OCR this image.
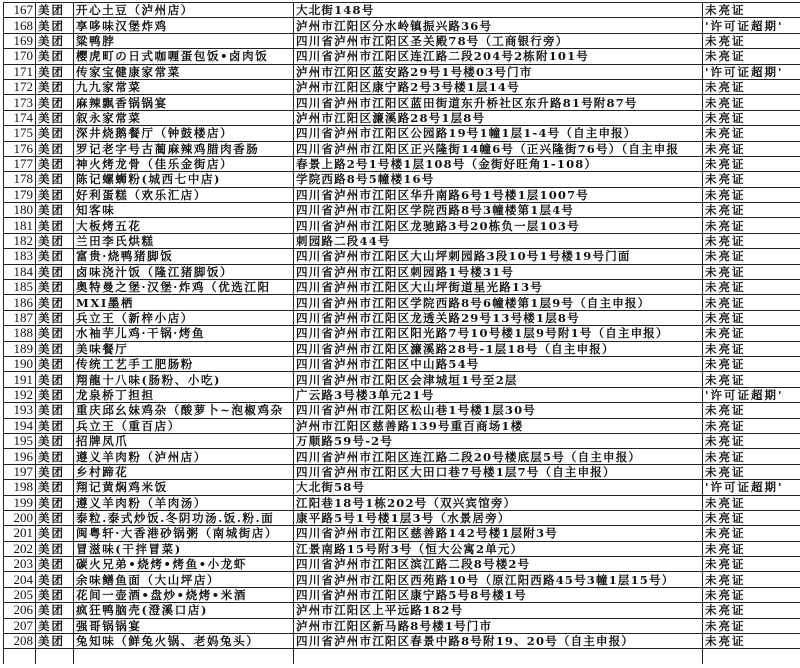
167	美团	开心土豆（泸州店）	大北街148号	未亮证
168	美团	享哆味汉堡炸鸡	泸州市江阳区分水岭镇振兴路36号	'许可证超期'
169	美团	粱鸭脖	四川省泸州市江阳区圣关殿78号（工商银行旁）	未亮证
170	美团	樱虎町の日式咖喱蛋包饭•卤肉饭	四川省泸州市江阳区连江路二段204号2栋附101号	未亮证
171	美团	传家宝健康家常菜	泸州市江阳区蓝安路29号1号楼03号门市	'许可证超期'
172	美团	九九家常菜	泸州市江阳区康宁路2号3号楼1层14号	未亮证
173	美团	麻辣飘香锅锅宴	四川省泸州市江阳区蓝田街道东升桥社区东升路81号附87号	未亮证
174	美团	叙永家常菜	泸州市江阳区濂溪路28号1层8号	未亮证
175	美团	深井烧鹅餐厅（钟鼓楼店）	四川省泸州市江阳区公园路19号1幢1层1-4号（自主申报）	未亮证
176	美团	罗记老字号古蔺麻辣鸡腊肉香肠	四川省泸州市江阳区正兴隆街14幢6号（正兴隆街76号）（自主申报	未亮证
177	美团	神火烤龙骨（佳乐金街店）	春景上路2号1号楼1层108号（金街好旺角1-108）	未亮证
178	美团	陈记螺蛳粉(城西七中店)	学院西路8号5幢楼16号	未亮证
179	美团	好利蛋糕（欢乐汇店）	四川省泸州市江阳区华升南路6号1号楼1层1007号	未亮证
180	美团	知客味	四川省泸州市江阳区学院西路8号3幢楼第1层4号	未亮证
181	美团	大板烤五花	四川省泸州市江阳区龙驰路3号20栋负一层103号	未亮证
182	美团	兰田李氏烘糕	刺园路二段44号	未亮证
183	美团	富贵·烧鸭猪脚饭	四川省泸州市江阳区大山坪刺园路3段10号1号楼19号门面	未亮证
184	美团	卤味浇汁饭（隆江猪脚饭）	四川省泸州市江阳区刺园路1号楼31号	未亮证
185	美团	奥特曼之堡·汉堡·炸鸡（优选江阳	四川省泸州市江阳区大山坪街道星光路13号	未亮证
186	美团	MXI墨栖	四川省泸州市江阳区学院西路8号6幢楼第1层9号（自主申报）	未亮证
187	美团	兵立王（新梓小店）	四川省泸州市江阳区龙透关路29号13号楼1层8号	未亮证
188	美团	水袖芋儿鸡·干锅·烤鱼	四川省泸州市江阳区阳光路7号10号楼1层9号附1号（自主申报）	未亮证
189	美团	美味餐厅	四川省泸州市江阳区濂溪路28号-1层18号（自主申报）	未亮证
190	美团	传统工艺手工肥肠粉	四川省泸州市江阳区中山路54号	未亮证
191	美团	翔龍十八味(肠粉、小吃)	四川省泸州市江阳区会津城垣1号至2层	未亮证
192	美团	龙泉桥丁担担	广云路3号楼3单元21号	'许可证超期'
193	美团	重庆邱幺妹鸡杂（酸萝卜~泡椒鸡杂	四川省泸州市江阳区松山巷1号楼1层30号	未亮证
194	美团	兵立王（重百店）	泸州市江阳区慈善路139号重百商场1楼	未亮证
195	美团	招牌凤爪	万顺路59号-2号	未亮证
196	美团	遵义羊肉粉（泸州店）	四川省泸州市江阳区连江路二段20号楼底层5号（自主申报）	未亮证
197	美团	乡村蹄花	四川省泸州市江阳区大田口巷7号楼1层7号（自主申报）	未亮证
198	美团	翔记黄焖鸡米饭	大北街58号	'许可证超期'
199	美团	遵义羊肉粉（羊肉汤）	江阳巷18号1栋202号（双兴宾馆旁）	未亮证
200	美团	泰粒.泰式炒饭.冬阴功汤.饭.粉.面	康平路5号1号楼1层3号（水景居旁）	未亮证
201	美团	闽粤轩·大香港砂锅粥（南城街店）	四川省泸州市江阳区慈善路142号楼1层附3号	未亮证
202	美团	冒滋味(干拌冒菜)	江景南路15号附3号（恒大公寓2单元）	未亮证
203	美团	碳火兄弟•烧烤•烤鱼•小龙虾	四川省泸州市江阳区滨江路二段8号楼2号	未亮证
204	美团	余味鳝鱼面（大山坪店）	四川省泸州市江阳区西苑路10号（原江阳西路45号3幢1层15号）	未亮证
205	美团	花间一壶酒•盘炒•烧烤•米酒	四川省泸州市江阳区康宁路5号8号楼1号	未亮证
206	美团	疯狂鸭脑壳(澄溪口店)	泸州市江阳区上平远路182号	未亮证
207	美团	强哥锅锅宴	泸州市江阳区新马路8号楼1号门市	未亮证
208	美团	兔知味（鲜兔火锅、老妈兔头）	四川省泸州市江阳区春景中路8号附19、20号（自主申报）	未亮证
